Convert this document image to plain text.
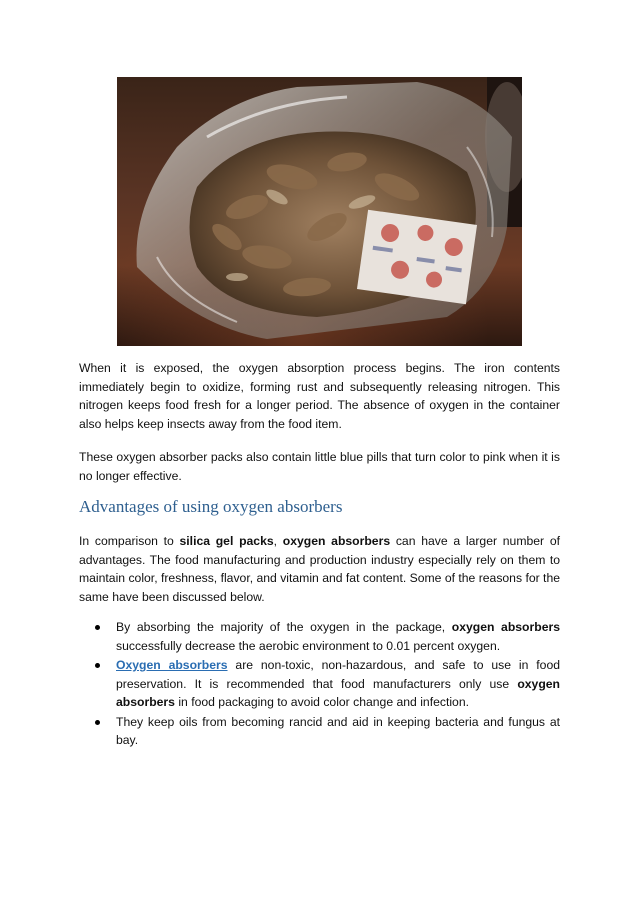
When it is exposed, the oxygen absorption process begins. The iron contents immediately begin to oxidize, forming rust and subsequently releasing nitrogen. This nitrogen keeps food fresh for a longer period. The absence of oxygen in the container also helps keep insects away from the food item.

These oxygen absorber packs also contain little blue pills that turn color to pink when it is no longer effective.

Advantages of using oxygen absorbers

In comparison to silica gel packs, oxygen absorbers can have a larger number of advantages. The food manufacturing and production industry especially rely on them to maintain color, freshness, flavor, and vitamin and fat content. Some of the reasons for the same have been discussed below.

By absorbing the majority of the oxygen in the package, oxygen absorbers successfully decrease the aerobic environment to 0.01 percent oxygen.
Oxygen absorbers are non-toxic, non-hazardous, and safe to use in food preservation. It is recommended that food manufacturers only use oxygen absorbers in food packaging to avoid color change and infection.
They keep oils from becoming rancid and aid in keeping bacteria and fungus at bay.
